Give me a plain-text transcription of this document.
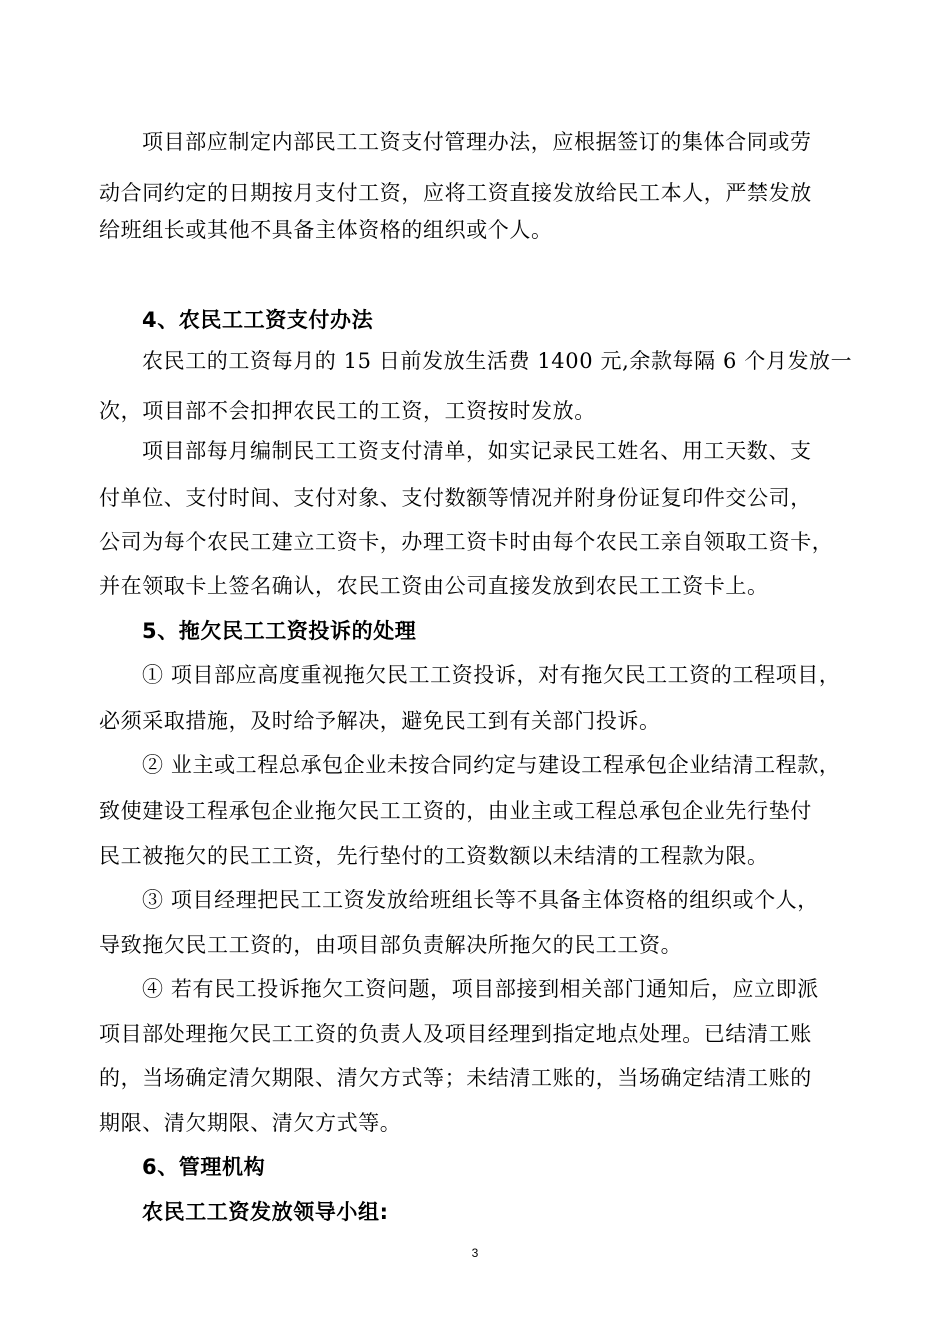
项目部应制定内部民工工资支付管理办法，应根据签订的集体合同或劳
动合同约定的日期按月支付工资，应将工资直接发放给民工本人，严禁发放
给班组长或其他不具备主体资格的组织或个人。
4、农民工工资支付办法
农民工的工资每月的 15 日前发放生活费 1400 元,余款每隔 6 个月发放一
次，项目部不会扣押农民工的工资，工资按时发放。
项目部每月编制民工工资支付清单，如实记录民工姓名、用工天数、支
付单位、支付时间、支付对象、支付数额等情况并附身份证复印件交公司，
公司为每个农民工建立工资卡，办理工资卡时由每个农民工亲自领取工资卡，
并在领取卡上签名确认，农民工资由公司直接发放到农民工工资卡上。
5、拖欠民工工资投诉的处理
① 项目部应高度重视拖欠民工工资投诉，对有拖欠民工工资的工程项目，
必须采取措施，及时给予解决，避免民工到有关部门投诉。
② 业主或工程总承包企业未按合同约定与建设工程承包企业结清工程款，
致使建设工程承包企业拖欠民工工资的，由业主或工程总承包企业先行垫付
民工被拖欠的民工工资，先行垫付的工资数额以未结清的工程款为限。
③ 项目经理把民工工资发放给班组长等不具备主体资格的组织或个人，
导致拖欠民工工资的，由项目部负责解决所拖欠的民工工资。
④ 若有民工投诉拖欠工资问题，项目部接到相关部门通知后，应立即派
项目部处理拖欠民工工资的负责人及项目经理到指定地点处理。已结清工账
的，当场确定清欠期限、清欠方式等；未结清工账的，当场确定结清工账的
期限、清欠期限、清欠方式等。
6、管理机构
农民工工资发放领导小组:
3
